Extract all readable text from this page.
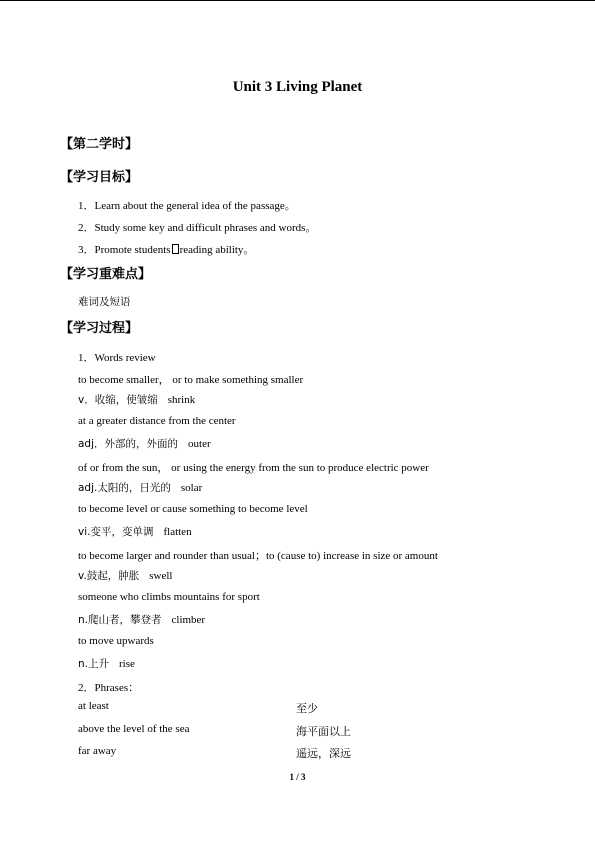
Unit 3 Living Planet
【第二学时】
【学习目标】
1．Learn about the general idea of the passage。
2．Study some key and difficult phrases and words。
3．Promote students reading ability。
【学习重难点】
难词及短语
【学习过程】
1．Words review
to become smaller， or to make something smaller
v．收缩，使皱缩 shrink
at a greater distance from the center
adj．外部的，外面的 outer
of or from the sun， or using the energy from the sun to produce electric power
adj.太阳的，日光的 solar
to become level or cause something to become level
vi.变平，变单调 flatten
to become larger and rounder than usual；to (cause to) increase in size or amount
v.鼓起，肿胀 swell
someone who climbs mountains for sport
n.爬山者，攀登者 climber
to move upwards
n.上升 rise
2．Phrases：
at least	至少
above the level of the sea	海平面以上
far away	遥远，深远
1 / 3
